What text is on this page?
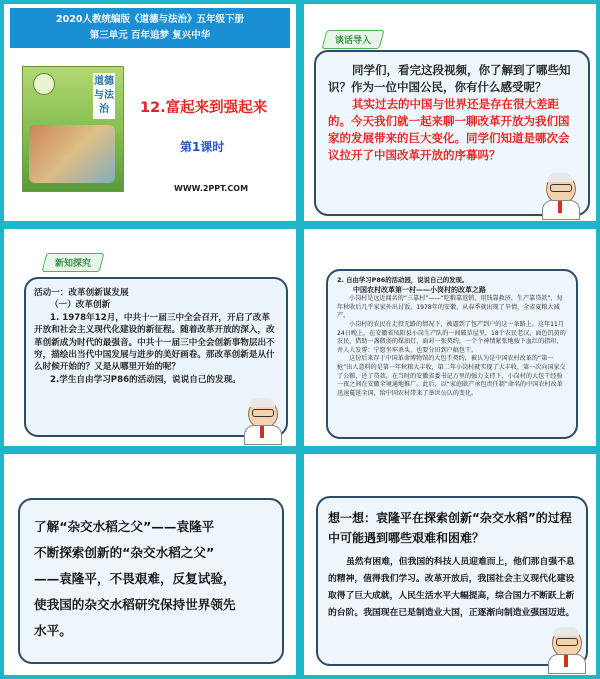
2020人教统编版《道德与法治》五年级下册
第三单元 百年追梦 复兴中华
道德与法治	12.富起来到强起来
第1课时
WWW.2PPT.COM
谈话导入

同学们，看完这段视频，你了解到了哪些知识？作为一位中国公民，你有什么感受呢？

其实过去的中国与世界还是存在很大差距的。今天我们就一起来聊一聊改革开放为我们国家的发展带来的巨大变化。同学们知道是哪次会议拉开了中国改革开放的序幕吗？

新知探究
活动一：改革创新谋发展
（一）改革创新
1. 1978年12月，中共十一届三中全会召开，开启了改革开放和社会主义现代化建设的新征程。随着改革开放的深入，改革创新成为时代的最强音。中共十一届三中全会创新事物层出不穷，描绘出当代中国发展与进步的美好画卷。那改革创新是从什么时候开始的？又是从哪里开始的呢？
2.学生自由学习P86的活动园，说说自己的发现。
2. 自由学习P86的活动园，说说自己的发现。
中国农村改革第一村——小岗村的改革之路
小岗村是远近闻名的“三靠村”——“吃粮靠返销，用钱靠救济，生产靠贷款”，每年秋收后几乎家家外出讨饭。1978年的安徽，从春季就出现了旱情，全省夏粮大减产。
小岗村的农民在走投无路的情况下，被逼到了包产到户的这一条路上。这年11月24日晚上，在安徽省凤阳县小岗生产队的一间破草屋里，18个农民老汉，面色饥黄的农民，借助一盏微弱的煤油灯，面对一张契约，一个个神情紧张地按下血红的指印，并人人发誓：宁愿坐牢杀头，也要分田到户搞包干。
这份后来存于中国革命博物馆的大包干契约，被认为是中国农村改革的“第一枪”出人意料的是第一年秋粮大丰收，第二年小岗村就实现了大丰收，第一次向国家交了公粮，还了贷款。在当时的安徽省委书记万里的强力支持下，小岗村的大包干经验一夜之间在安徽全境通地推广。此后，以“家庭联产承包责任制”命名的中国农村改革迅速蔓延全国，给中国农村带来了举世公认的变化。
了解“杂交水稻之父”——袁隆平
不断探索创新的“杂交水稻之父”
——袁隆平，不畏艰难，反复试验，
使我国的杂交水稻研究保持世界领先
水平。
想一想：袁隆平在探索创新“杂交水稻”的过程中可能遇到哪些艰难和困难？
虽然有困难，但我国的科技人员迎难而上，他们那自强不息的精神，值得我们学习。改革开放后，我国社会主义现代化建设取得了巨大成就，人民生活水平大幅提高，综合国力不断跃上新的台阶。我国现在已是制造业大国，正逐渐向制造业强国迈进。
